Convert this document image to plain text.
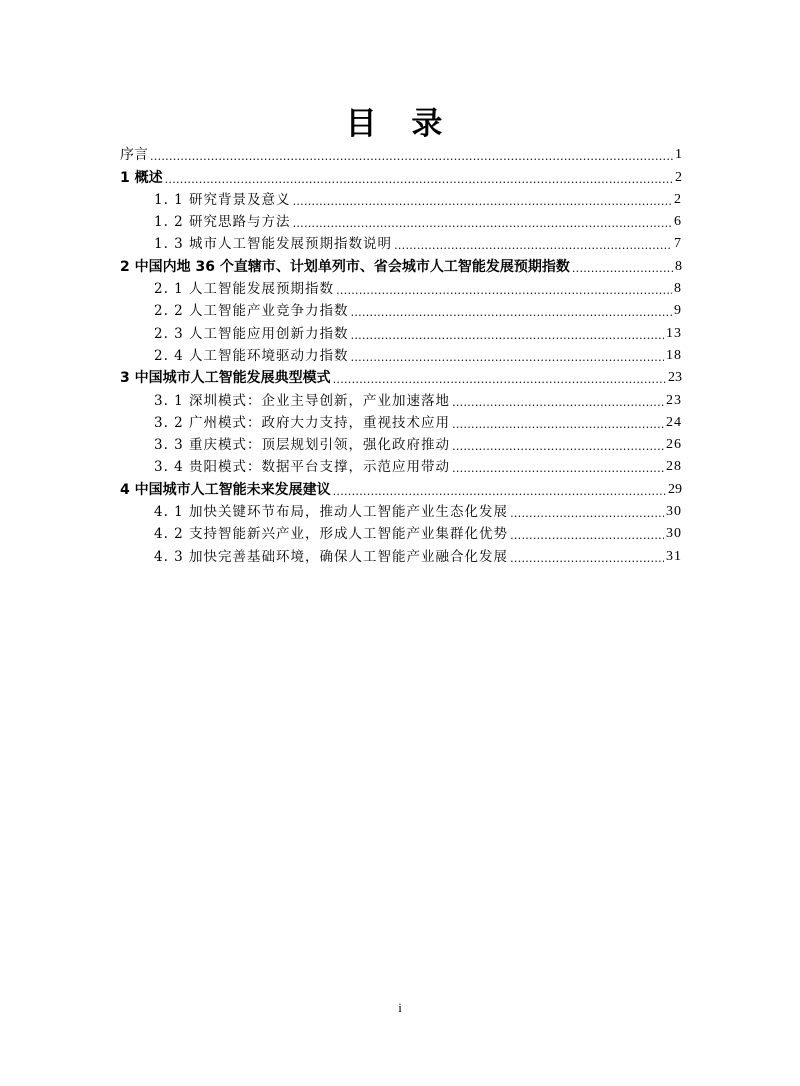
目 录
序言 .....	1
1 概述 .....	2
1. 1 研究背景及意义 .....	2
1. 2 研究思路与方法 .....	6
1. 3 城市人工智能发展预期指数说明 .....	7
2 中国内地 36 个直辖市、计划单列市、省会城市人工智能发展预期指数 .....	8
2. 1 人工智能发展预期指数 .....	8
2. 2 人工智能产业竞争力指数 .....	9
2. 3 人工智能应用创新力指数 .....	13
2. 4 人工智能环境驱动力指数 .....	18
3 中国城市人工智能发展典型模式 .....	23
3. 1 深圳模式：企业主导创新，产业加速落地 .....	23
3. 2 广州模式：政府大力支持，重视技术应用 .....	24
3. 3 重庆模式：顶层规划引领，强化政府推动 .....	26
3. 4 贵阳模式：数据平台支撑，示范应用带动 .....	28
4 中国城市人工智能未来发展建议 .....	29
4. 1 加快关键环节布局，推动人工智能产业生态化发展 .....	30
4. 2 支持智能新兴产业，形成人工智能产业集群化优势 .....	30
4. 3 加快完善基础环境，确保人工智能产业融合化发展 .....	31
i
